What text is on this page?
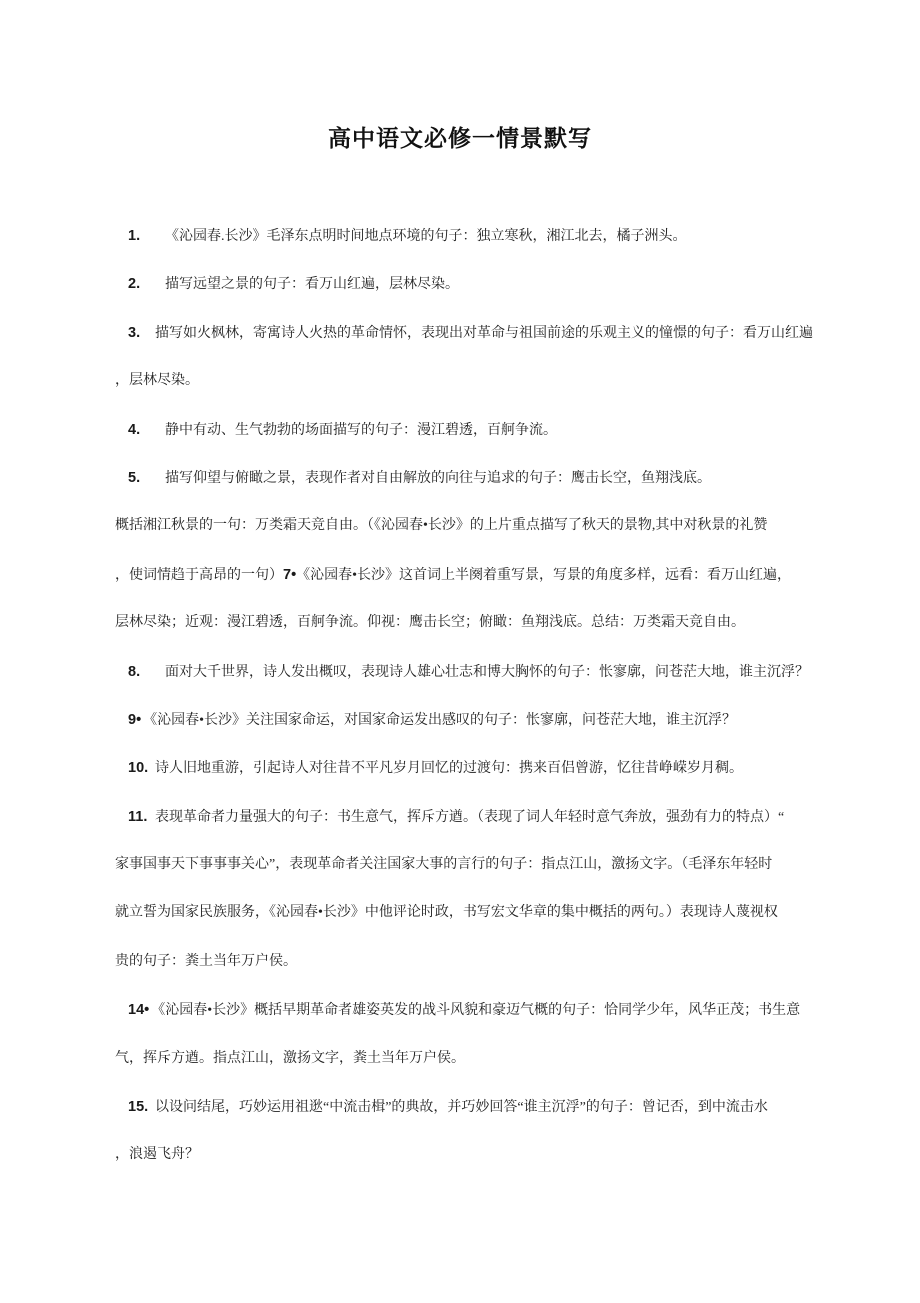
高中语文必修一情景默写
1. 《沁园春.长沙》毛泽东点明时间地点环境的句子：独立寒秋，湘江北去，橘子洲头。
2. 描写远望之景的句子：看万山红遍，层林尽染。
3. 描写如火枫林，寄寓诗人火热的革命情怀，表现出对革命与祖国前途的乐观主义的憧憬的句子：看万山红遍
，层林尽染。
4. 静中有动、生气勃勃的场面描写的句子：漫江碧透，百舸争流。
5. 描写仰望与俯瞰之景，表现作者对自由解放的向往与追求的句子：鹰击长空，鱼翔浅底。
概括湘江秋景的一句：万类霜天竞自由。（《沁园春•长沙》的上片重点描写了秋天的景物,其中对秋景的礼赞
，使词情趋于高昂的一句）7•《沁园春•长沙》这首词上半阕着重写景，写景的角度多样，远看：看万山红遍，
层林尽染；近观：漫江碧透，百舸争流。仰视：鹰击长空；俯瞰：鱼翔浅底。总结：万类霜天竞自由。
8. 面对大千世界，诗人发出概叹，表现诗人雄心壮志和博大胸怀的句子：怅寥廓，问苍茫大地，谁主沉浮？
9• 《沁园春•长沙》关注国家命运，对国家命运发出感叹的句子：怅寥廓，问苍茫大地，谁主沉浮？
10. 诗人旧地重游，引起诗人对往昔不平凡岁月回忆的过渡句：携来百侣曾游，忆往昔峥嵘岁月稠。
11. 表现革命者力量强大的句子：书生意气，挥斥方遒。（表现了词人年轻时意气奔放，强劲有力的特点）“
家事国事天下事事事关心”，表现革命者关注国家大事的言行的句子：指点江山，激扬文字。（毛泽东年轻时
就立誓为国家民族服务，《沁园春•长沙》中他评论时政，书写宏文华章的集中概括的两句。）表现诗人蔑视权
贵的句子：粪土当年万户侯。
14• 《沁园春•长沙》概括早期革命者雄姿英发的战斗风貌和豪迈气概的句子：恰同学少年，风华正茂；书生意
气，挥斥方遒。指点江山，激扬文字，粪土当年万户侯。
15. 以设问结尾，巧妙运用祖逖“中流击楫”的典故，并巧妙回答“谁主沉浮”的句子：曾记否，到中流击水
，浪遏飞舟？
